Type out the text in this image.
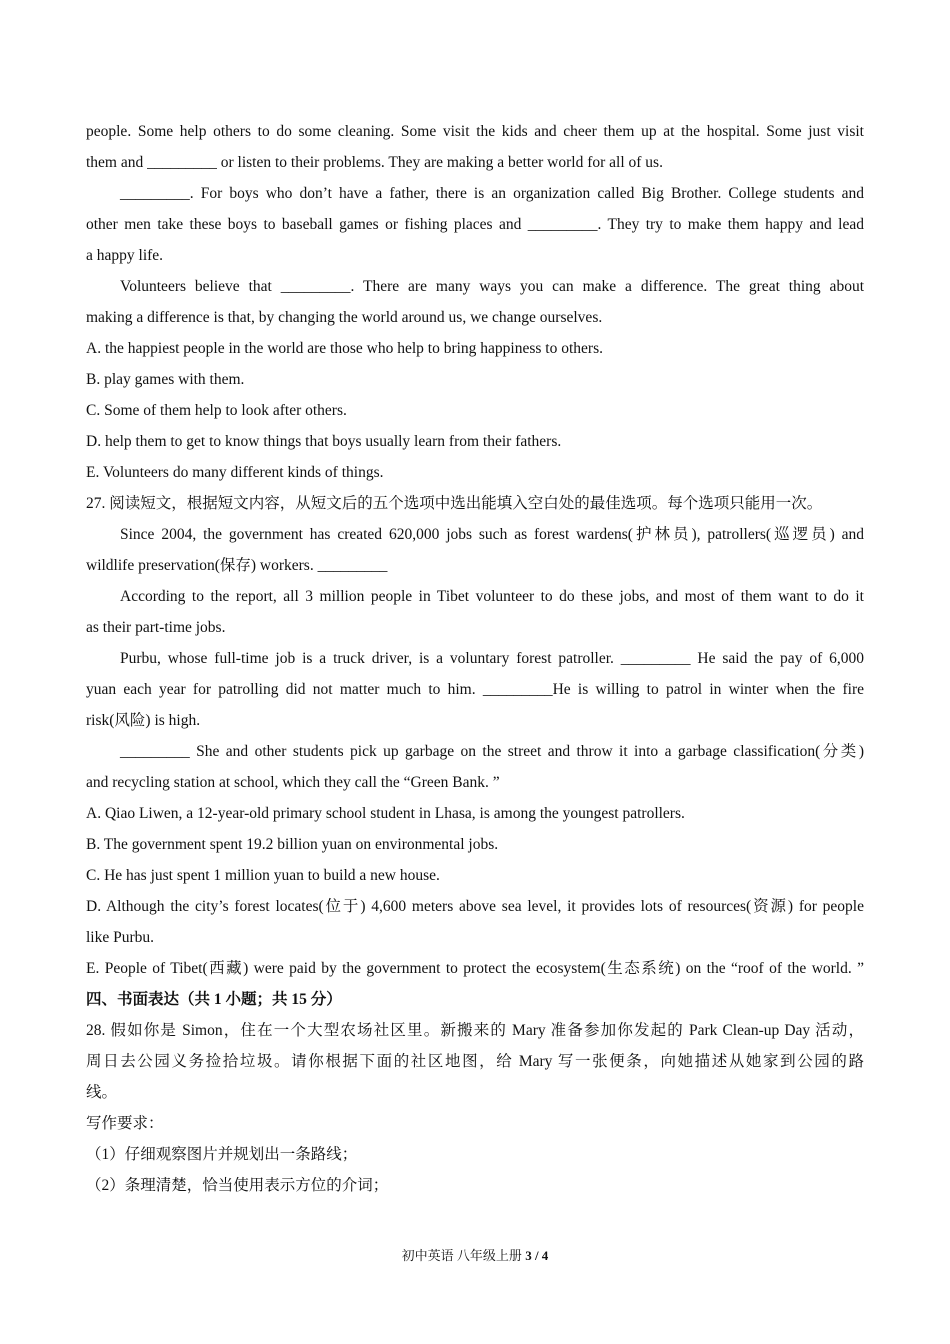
people. Some help others to do some cleaning. Some visit the kids and cheer them up at the hospital. Some just visit
them and _________ or listen to their problems. They are making a better world for all of us.
_________. For boys who don’t have a father, there is an organization called Big Brother. College students and
other men take these boys to baseball games or fishing places and _________. They try to make them happy and lead
a happy life.
Volunteers believe that _________. There are many ways you can make a difference. The great thing about
making a difference is that, by changing the world around us, we change ourselves.
A. the happiest people in the world are those who help to bring happiness to others.
B. play games with them.
C. Some of them help to look after others.
D. help them to get to know things that boys usually learn from their fathers.
E. Volunteers do many different kinds of things.
27. 阅读短文，根据短文内容，从短文后的五个选项中选出能填入空白处的最佳选项。每个选项只能用一次。
Since 2004, the government has created 620,000 jobs such as forest wardens(护林员), patrollers(巡逻员) and
wildlife preservation(保存) workers. _________
According to the report, all 3 million people in Tibet volunteer to do these jobs, and most of them want to do it
as their part-time jobs.
Purbu, whose full-time job is a truck driver, is a voluntary forest patroller. _________ He said the pay of 6,000
yuan each year for patrolling did not matter much to him. _________He is willing to patrol in winter when the fire
risk(风险) is high.
_________ She and other students pick up garbage on the street and throw it into a garbage classification(分类)
and recycling station at school, which they call the “Green Bank. ”
A. Qiao Liwen, a 12-year-old primary school student in Lhasa, is among the youngest patrollers.
B. The government spent 19.2 billion yuan on environmental jobs.
C. He has just spent 1 million yuan to build a new house.
D. Although the city’s forest locates(位于) 4,600 meters above sea level, it provides lots of resources(资源) for people
like Purbu.
E. People of Tibet(西藏) were paid by the government to protect the ecosystem(生态系统) on the “roof of the world. ”
四、书面表达（共 1 小题；共 15 分）
28. 假如你是 Simon，住在一个大型农场社区里。新搬来的 Mary 准备参加你发起的 Park Clean-up Day 活动，
周日去公园义务捡拾垃圾。请你根据下面的社区地图，给 Mary 写一张便条，向她描述从她家到公园的路
线。
写作要求：
（1）仔细观察图片并规划出一条路线；
（2）条理清楚，恰当使用表示方位的介词；
初中英语 八年级上册 3 / 4
